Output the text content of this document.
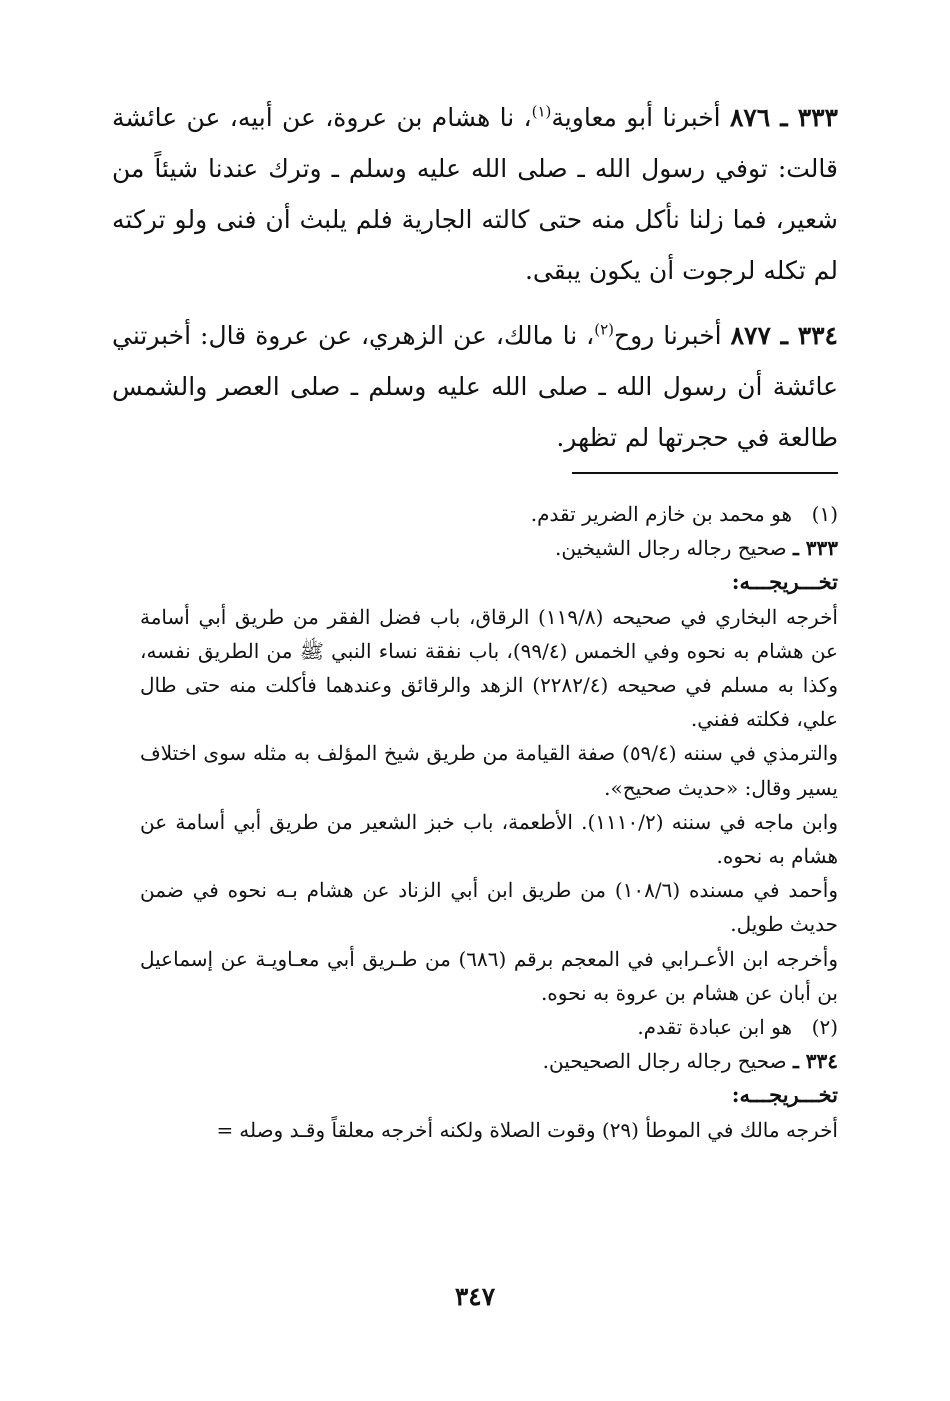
٣٣٣ ـ ٨٧٦ أخبرنا أبو معاوية$^{(١)}$، نا هشام بن عروة، عن أبيه، عن عائشة قالت: توفي رسول الله ـ صلى الله عليه وسلم ـ وترك عندنا شيئاً من شعير، فما زلنا نأكل منه حتى كالته الجارية فلم يلبث أن فنى ولو تركته لم تكله لرجوت أن يكون يبقى.

٣٣٤ ـ ٨٧٧ أخبرنا روح$^{(٢)}$، نا مالك، عن الزهري، عن عروة قال: أخبرتني عائشة أن رسول الله ـ صلى الله عليه وسلم ـ صلى العصر والشمس طالعة في حجرتها لم تظهر.

(١)هو محمد بن خازم الضرير تقدم.

٣٣٣ ـ صحيح رجاله رجال الشيخين.

تخـــريجـــه:

أخرجه البخاري في صحيحه (١١٩/٨) الرقاق، باب فضل الفقر من طريق أبي أسامة عن هشام به نحوه وفي الخمس (٩٩/٤)، باب نفقة نساء النبي ﷺ من الطريق نفسه، وكذا به مسلم في صحيحه (٢٢٨٢/٤) الزهد والرقائق وعندهما فأكلت منه حتى طال علي، فكلته ففني.

والترمذي في سننه (٥٩/٤) صفة القيامة من طريق شيخ المؤلف به مثله سوى اختلاف يسير وقال: «حديث صحيح».

وابن ماجه في سننه (١١١٠/٢). الأطعمة، باب خبز الشعير من طريق أبي أسامة عن هشام به نحوه.

وأحمد في مسنده (١٠٨/٦) من طريق ابن أبي الزناد عن هشام بـه نحوه في ضمن حديث طويل.

وأخرجه ابن الأعـرابي في المعجم برقم (٦٨٦) من طـريق أبي معـاويـة عن إسماعيل بن أبان عن هشام بن عروة به نحوه.

(٢)هو ابن عبادة تقدم.

٣٣٤ ـ صحيح رجاله رجال الصحيحين.

تخـــريجـــه:

أخرجه مالك في الموطأ (٢٩) وقوت الصلاة ولكنه أخرجه معلقاً وقـد وصله=

٣٤٧
